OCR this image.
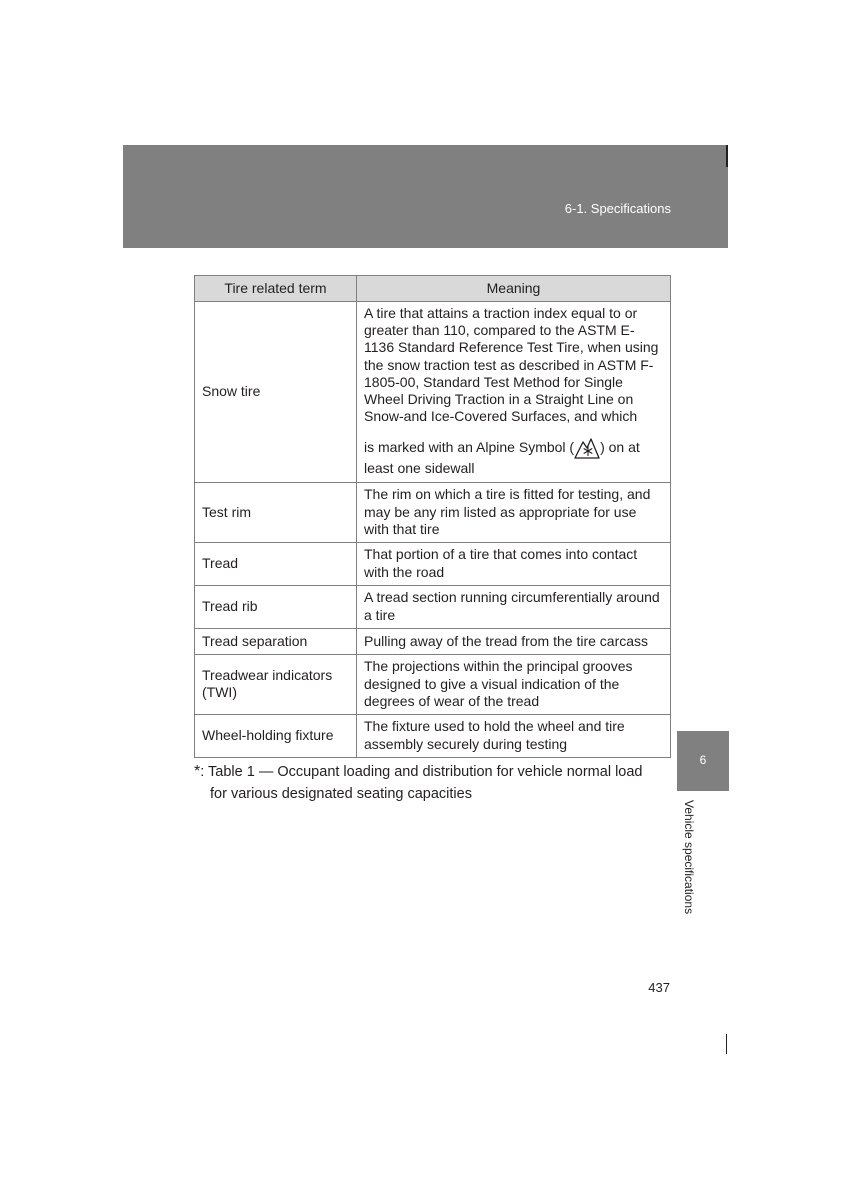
6-1. Specifications
Tire related term	Meaning
Snow tire	A tire that attains a traction index equal to or greater than 110, compared to the ASTM E-1136 Standard Reference Test Tire, when using the snow traction test as described in ASTM F-1805-00, Standard Test Method for Single Wheel Driving Traction in a Straight Line on Snow-and Ice-Covered Surfaces, and which
is marked with an Alpine Symbol ( ) on at least one sidewall

Test rim	The rim on which a tire is fitted for testing, and may be any rim listed as appropriate for use with that tire
Tread	That portion of a tire that comes into contact with the road
Tread rib	A tread section running circumferentially around a tire
Tread separation	Pulling away of the tread from the tire carcass
Treadwear indicators (TWI)	The projections within the principal grooves designed to give a visual indication of the degrees of wear of the tread
Wheel-holding fixture	The fixture used to hold the wheel and tire assembly securely during testing
*: Table 1 — Occupant loading and distribution for vehicle normal load
for various designated seating capacities
6
Vehicle specifications
437
